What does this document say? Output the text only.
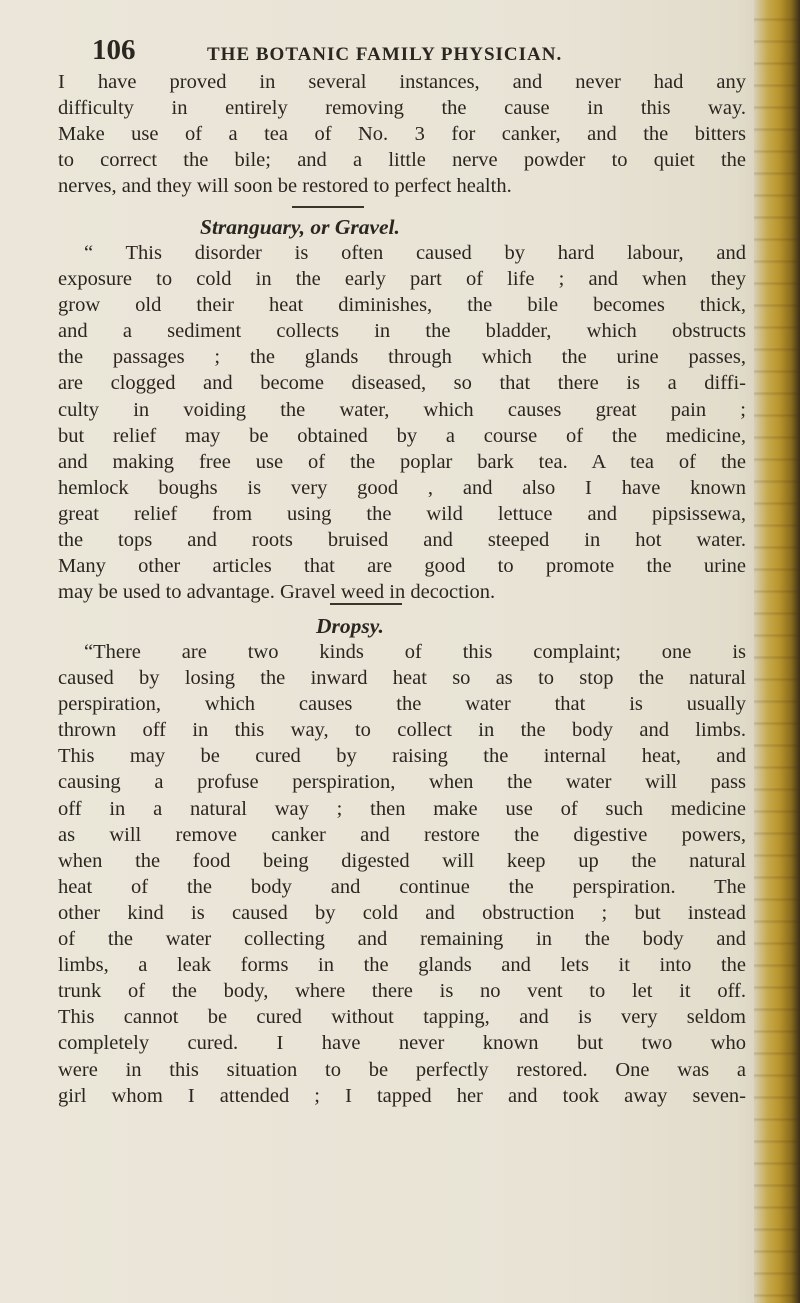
106	THE BOTANIC FAMILY PHYSICIAN.
I have proved in several instances, and never had any
difficulty in entirely removing the cause in this way.
Make use of a tea of No. 3 for canker, and the bitters
to correct the bile; and a little nerve powder to quiet the
nerves, and they will soon be restored to perfect health.
Stranguary, or Gravel.
“ This disorder is often caused by hard labour, and
exposure to cold in the early part of life ; and when they
grow old their heat diminishes, the bile becomes thick,
and a sediment collects in the bladder, which obstructs
the passages ; the glands through which the urine passes,
are clogged and become diseased, so that there is a diffi-
culty in voiding the water, which causes great pain ;
but relief may be obtained by a course of the medicine,
and making free use of the poplar bark tea. A tea of the
hemlock boughs is very good , and also I have known
great relief from using the wild lettuce and pipsissewa,
the tops and roots bruised and steeped in hot water.
Many other articles that are good to promote the urine
may be used to advantage. Gravel weed in decoction.
Dropsy.
“There are two kinds of this complaint; one is
caused by losing the inward heat so as to stop the natural
perspiration, which causes the water that is usually
thrown off in this way, to collect in the body and limbs.
This may be cured by raising the internal heat, and
causing a profuse perspiration, when the water will pass
off in a natural way ; then make use of such medicine
as will remove canker and restore the digestive powers,
when the food being digested will keep up the natural
heat of the body and continue the perspiration. The
other kind is caused by cold and obstruction ; but instead
of the water collecting and remaining in the body and
limbs, a leak forms in the glands and lets it into the
trunk of the body, where there is no vent to let it off.
This cannot be cured without tapping, and is very seldom
completely cured. I have never known but two who
were in this situation to be perfectly restored. One was a
girl whom I attended ; I tapped her and took away seven-
